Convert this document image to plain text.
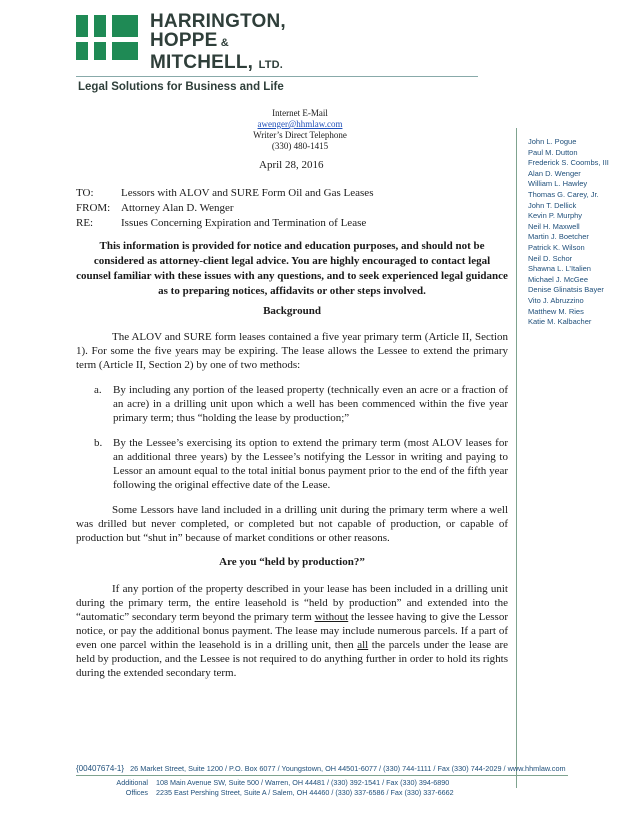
HARRINGTON,
HOPPE &
MITCHELL, LTD.
Legal Solutions for Business and Life
Internet E-Mail
awenger@hhmlaw.com
Writer’s Direct Telephone
(330) 480-1415	John L. Pogue
Paul M. Dutton
Frederick S. Coombs, III
Alan D. Wenger
William L. Hawley
Thomas G. Carey, Jr.
John T. Dellick
Kevin P. Murphy
Neil H. Maxwell
Martin J. Boetcher
Patrick K. Wilson
Neil D. Schor
Shawna L. L’Italien
Michael J. McGee
Denise Glinatsis Bayer
Vito J. Abruzzino
Matthew M. Ries
Katie M. Kalbacher
April 28, 2016
TO:	Lessors with ALOV and SURE Form Oil and Gas Leases
FROM: Attorney Alan D. Wenger
RE:	Issues Concerning Expiration and Termination of Lease
This information is provided for notice and education purposes, and should not be considered as attorney-client legal advice. You are highly encouraged to contact legal counsel familiar with these issues with any questions, and to seek experienced legal guidance as to preparing notices, affidavits or other steps involved.
Background
The ALOV and SURE form leases contained a five year primary term (Article II, Section 1). For some the five years may be expiring. The lease allows the Lessee to extend the primary term (Article II, Section 2) by one of two methods:
a. By including any portion of the leased property (technically even an acre or a fraction of an acre) in a drilling unit upon which a well has been commenced within the five year primary term; thus “holding the lease by production;”
b. By the Lessee’s exercising its option to extend the primary term (most ALOV leases for an additional three years) by the Lessee’s notifying the Lessor in writing and paying to Lessor an amount equal to the total initial bonus payment prior to the end of the fifth year following the original effective date of the Lease.
Some Lessors have land included in a drilling unit during the primary term where a well was drilled but never completed, or completed but not capable of production, or capable of production but “shut in” because of market conditions or other reasons.
Are you “held by production?”
If any portion of the property described in your lease has been included in a drilling unit during the primary term, the entire leasehold is “held by production” and extended into the “automatic” secondary term beyond the primary term without the lessee having to give the Lessor notice, or pay the additional bonus payment. The lease may include numerous parcels. If a part of even one parcel within the leasehold is in a drilling unit, then all the parcels under the lease are held by production, and the Lessee is not required to do anything further in order to hold its rights during the extended secondary term.
{00407674-1} 26 Market Street, Suite 1200 / P.O. Box 6077 / Youngstown, OH 44501-6077 / (330) 744-1111 / Fax (330) 744-2029 / www.hhmlaw.com
Additional 108 Main Avenue SW, Suite 500 / Warren, OH 44481 / (330) 392-1541 / Fax (330) 394-6890
Offices 2235 East Pershing Street, Suite A / Salem, OH 44460 / (330) 337-6586 / Fax (330) 337-6662
